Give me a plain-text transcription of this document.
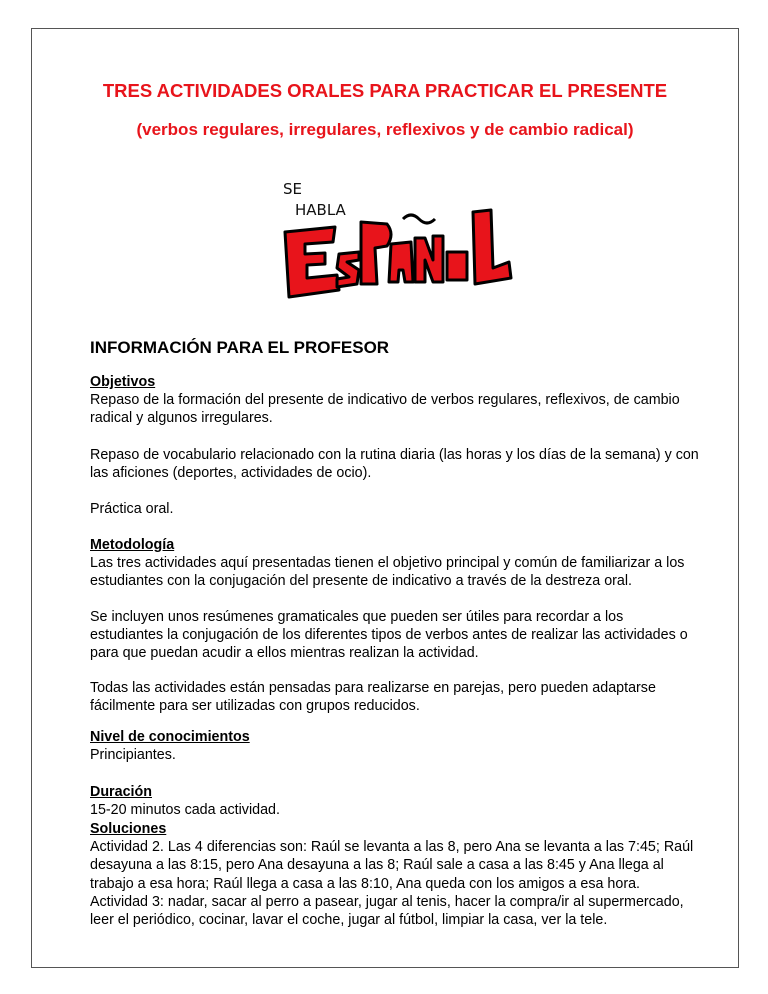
TRES ACTIVIDADES ORALES PARA PRACTICAR EL PRESENTE
(verbos regulares, irregulares, reflexivos y de cambio radical)
SE
HABLA
INFORMACIÓN PARA EL PROFESOR

Objetivos

Repaso de la formación del presente de indicativo de verbos regulares, reflexivos, de cambio radical y algunos irregulares.

Repaso de vocabulario relacionado con la rutina diaria (las horas y los días de la semana) y con las aficiones (deportes, actividades de ocio).

Práctica oral.

Metodología

Las tres actividades aquí presentadas tienen el objetivo principal y común de familiarizar a los estudiantes con la conjugación del presente de indicativo a través de la destreza oral.

Se incluyen unos resúmenes gramaticales que pueden ser útiles para recordar a los estudiantes la conjugación de los diferentes tipos de verbos antes de realizar las actividades o para que puedan acudir a ellos mientras realizan la actividad.

Todas las actividades están pensadas para realizarse en parejas, pero pueden adaptarse fácilmente para ser utilizadas con grupos reducidos.

Nivel de conocimientos

Principiantes.

Duración

15-20 minutos cada actividad.

Soluciones

Actividad 2. Las 4 diferencias son: Raúl se levanta a las 8, pero Ana se levanta a las 7:45; Raúl desayuna a las 8:15, pero Ana desayuna a las 8; Raúl sale a casa a las 8:45 y Ana llega al trabajo a esa hora; Raúl llega a casa a las 8:10, Ana queda con los amigos a esa hora.

Actividad 3: nadar, sacar al perro a pasear, jugar al tenis, hacer la compra/ir al supermercado, leer el periódico, cocinar, lavar el coche, jugar al fútbol, limpiar la casa, ver la tele.
